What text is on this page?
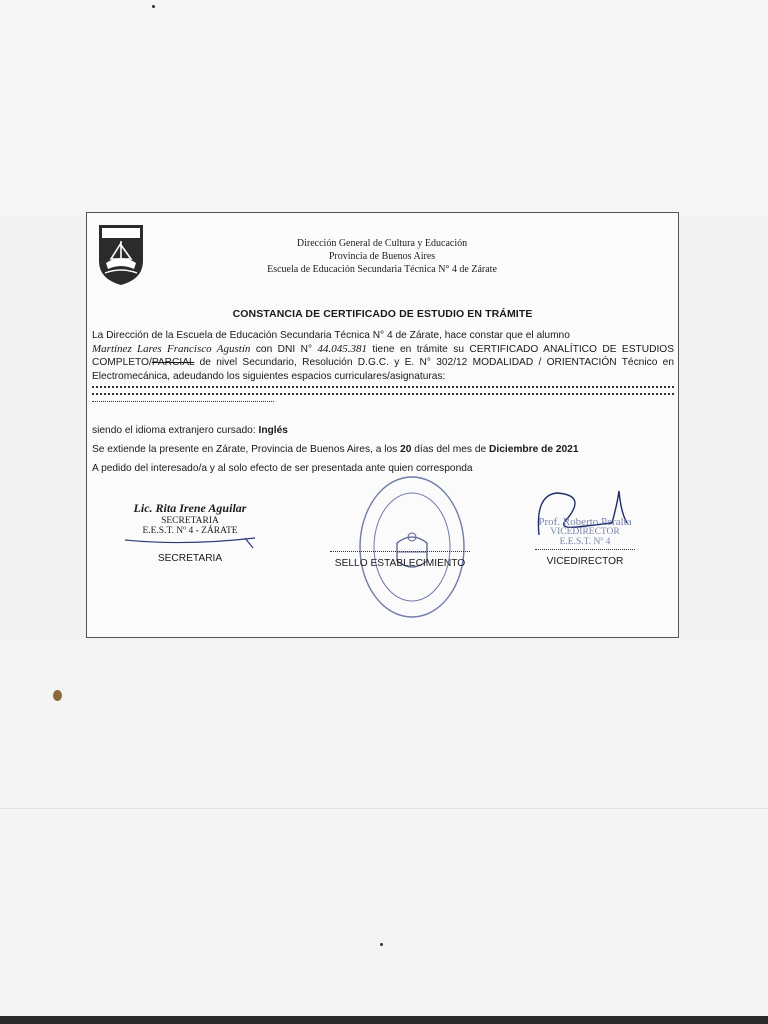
Dirección General de Cultura y Educación
Provincia de Buenos Aires
Escuela de Educación Secundaria Técnica N° 4 de Zárate
CONSTANCIA DE CERTIFICADO DE ESTUDIO EN TRÁMITE

La Dirección de la Escuela de Educación Secundaria Técnica N° 4 de Zárate, hace constar que el alumno

Martínez Lares Francisco Agustín con DNI N° 44.045.381 tiene en trámite su CERTIFICADO ANALÍTICO DE ESTUDIOS COMPLETO/PARCIAL de nivel Secundario, Resolución D.G.C. y E. N° 302/12 MODALIDAD / ORIENTACIÓN Técnico en Electromecánica, adeudando los siguientes espacios curriculares/asignaturas:

siendo el idioma extranjero cursado: Inglés
Se extiende la presente en Zárate, Provincia de Buenos Aires, a los 20 días del mes de Diciembre de 2021
A pedido del interesado/a y al solo efecto de ser presentada ante quien corresponda
Lic. Rita Irene Aguilar
SECRETARIA
E.E.S.T. Nº 4 - ZÁRATE
SECRETARIA	SELLO ESTABLECIMIENTO
Prof. Roberto Peralta
VICEDIRECTOR
E.E.S.T. Nº 4
VICEDIRECTOR
